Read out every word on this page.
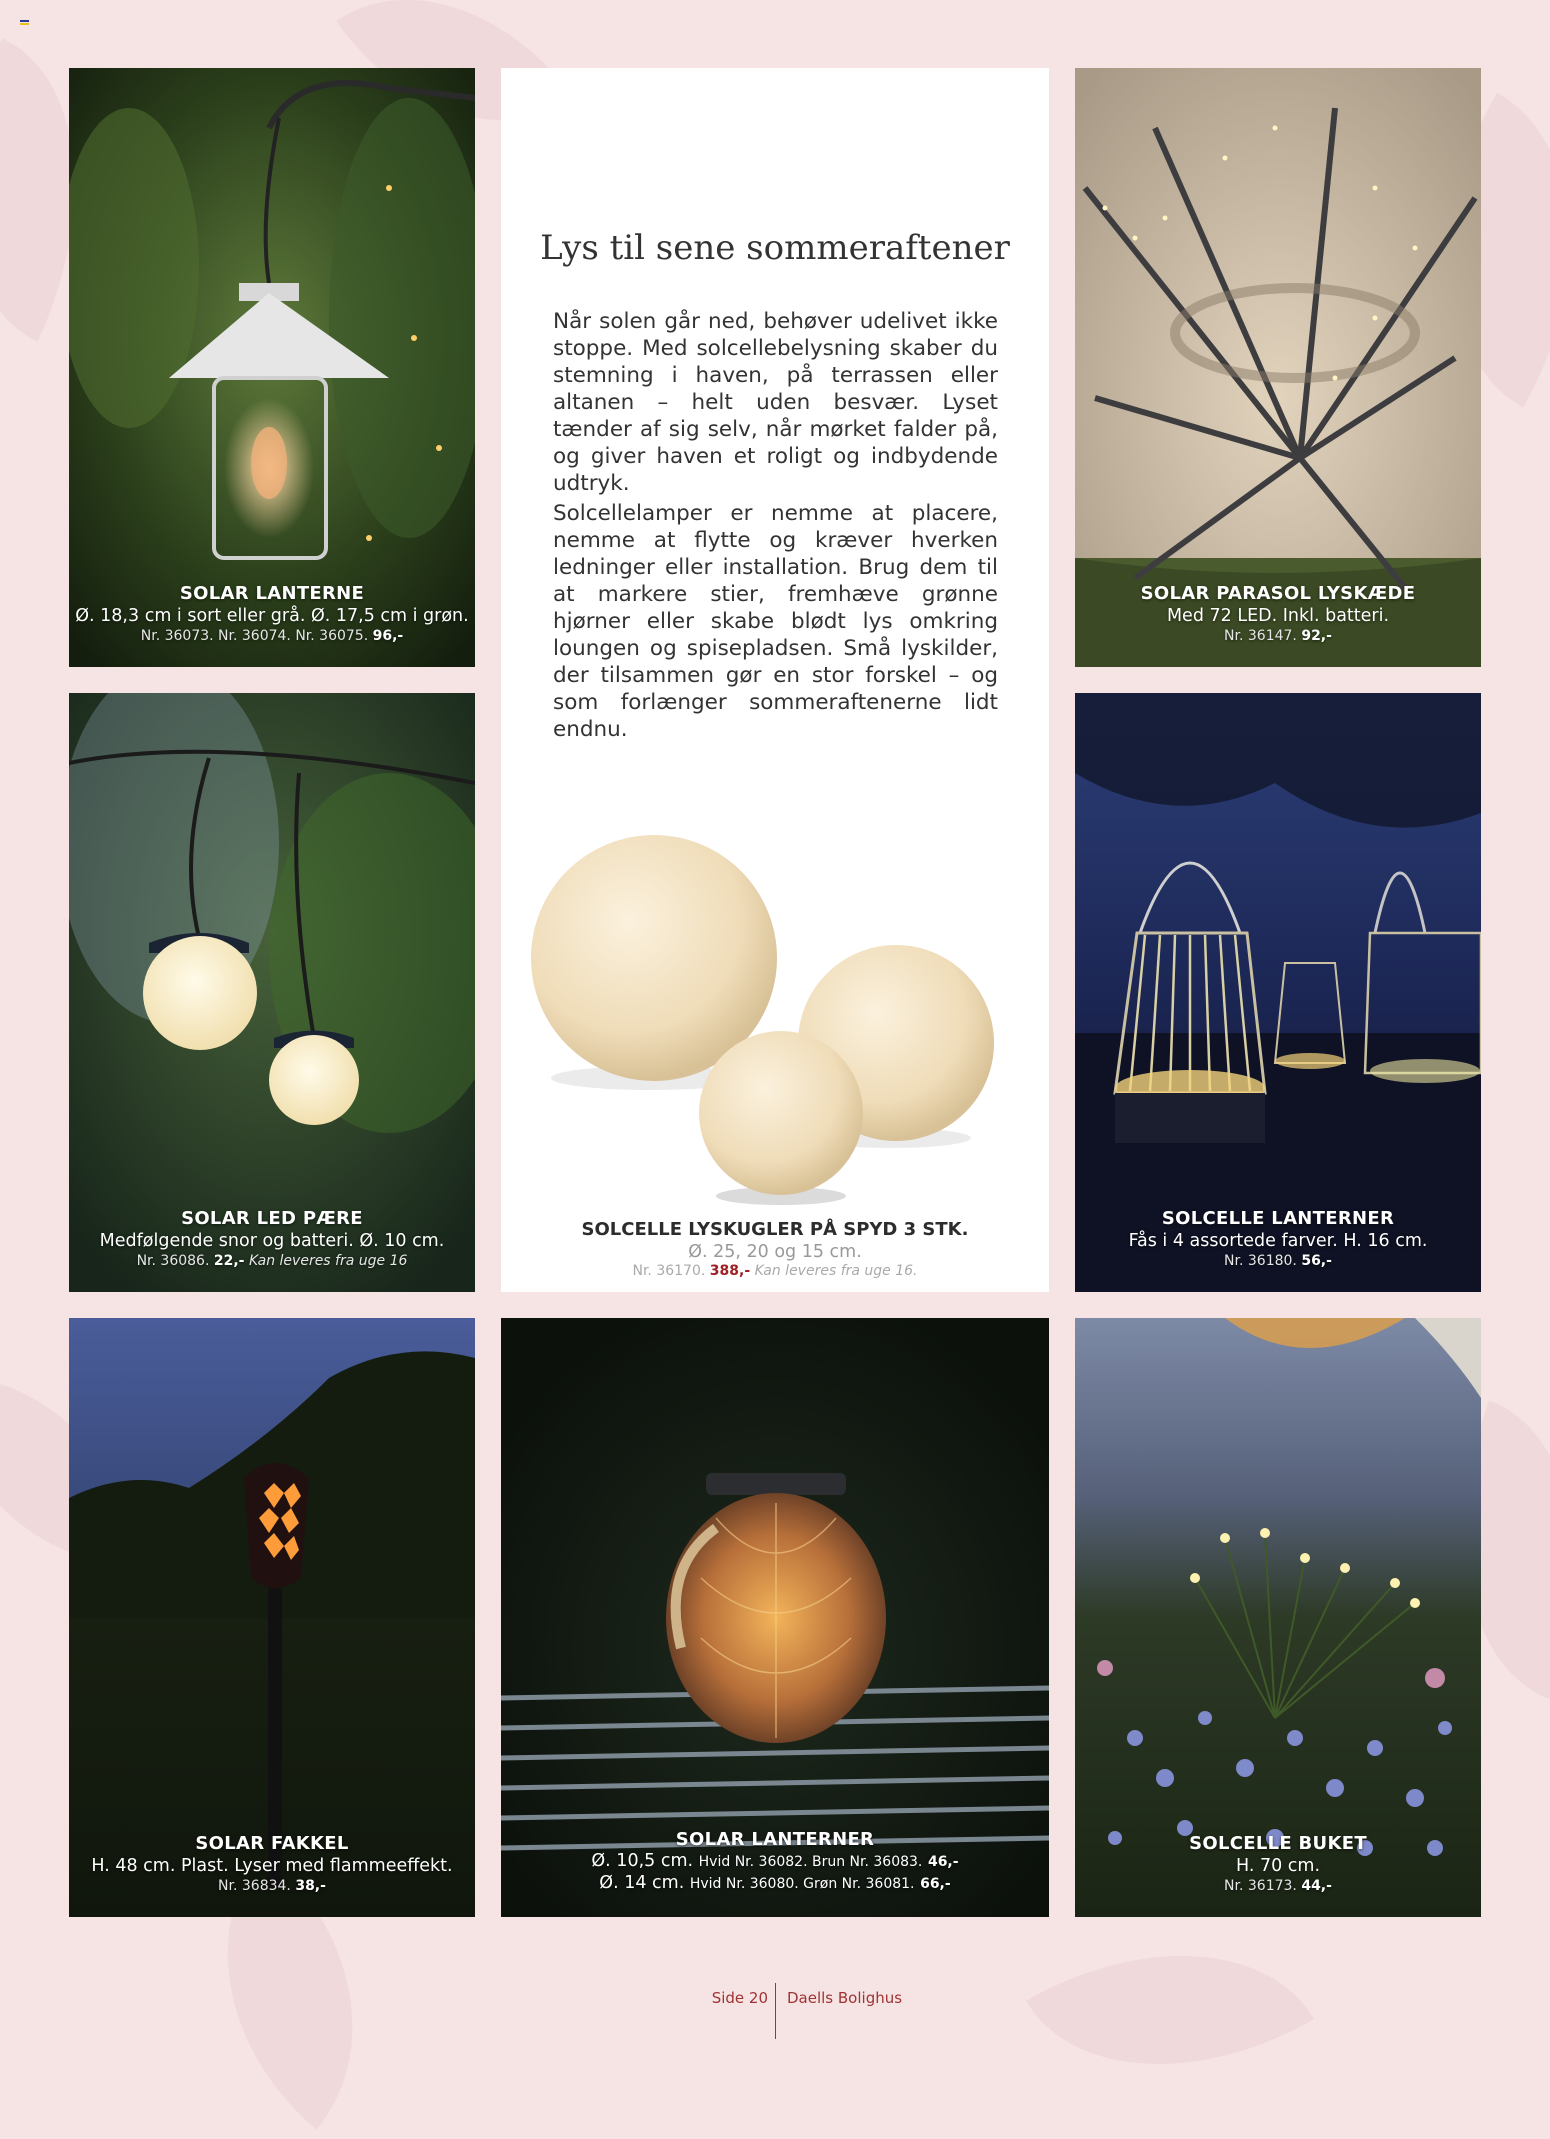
SOLAR LANTERNE
Ø. 18,3 cm i sort eller grå. Ø. 17,5 cm i grøn.
Nr. 36073. Nr. 36074. Nr. 36075. 96,-
Lys til sene sommeraftener

Når solen går ned, behøver udelivet ikke stoppe. Med solcellebelysning skaber du stemning i haven, på terrassen eller altanen – helt uden besvær. Lyset tænder af sig selv, når mørket falder på, og giver haven et roligt og indbydende udtryk.

Solcellelamper er nemme at placere, nemme at flytte og kræver hverken ledninger eller installation. Brug dem til at markere stier, fremhæve grønne hjørner eller skabe blødt lys omkring loungen og spisepladsen. Små lyskilder, der tilsammen gør en stor forskel – og som forlænger sommeraftenerne lidt endnu.

SOLCELLE LYSKUGLER PÅ SPYD 3 STK.
Ø. 25, 20 og 15 cm.
Nr. 36170. 388,- Kan leveres fra uge 16.
SOLAR PARASOL LYSKÆDE
Med 72 LED. Inkl. batteri.
Nr. 36147. 92,-
SOLAR LED PÆRE
Medfølgende snor og batteri. Ø. 10 cm.
Nr. 36086. 22,- Kan leveres fra uge 16
SOLCELLE LANTERNER
Fås i 4 assortede farver. H. 16 cm.
Nr. 36180. 56,-
SOLAR FAKKEL
H. 48 cm. Plast. Lyser med flammeeffekt.
Nr. 36834. 38,-
SOLAR LANTERNER
Ø. 10,5 cm. Hvid Nr. 36082. Brun Nr. 36083. 46,-
Ø. 14 cm. Hvid Nr. 36080. Grøn Nr. 36081. 66,-
SOLCELLE BUKET
H. 70 cm.
Nr. 36173. 44,-
Side 20 Daells Bolighus
